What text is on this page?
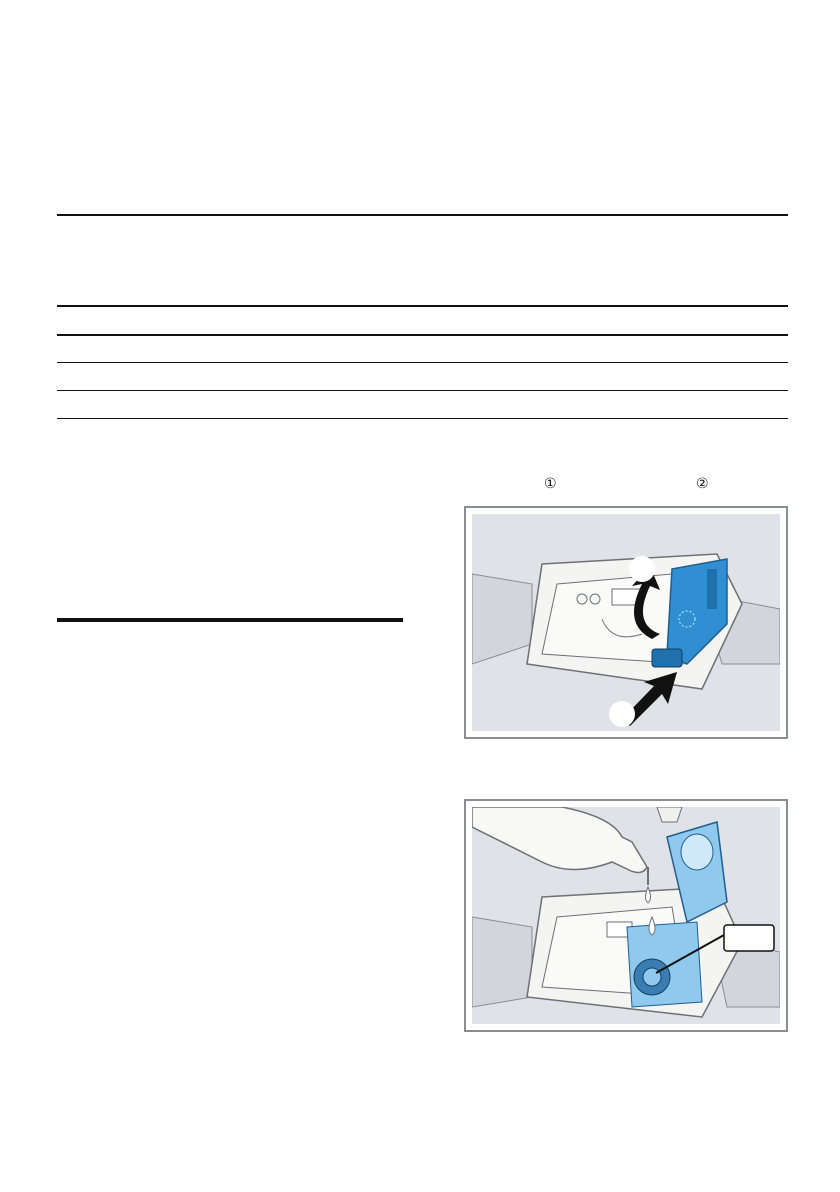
①	②
